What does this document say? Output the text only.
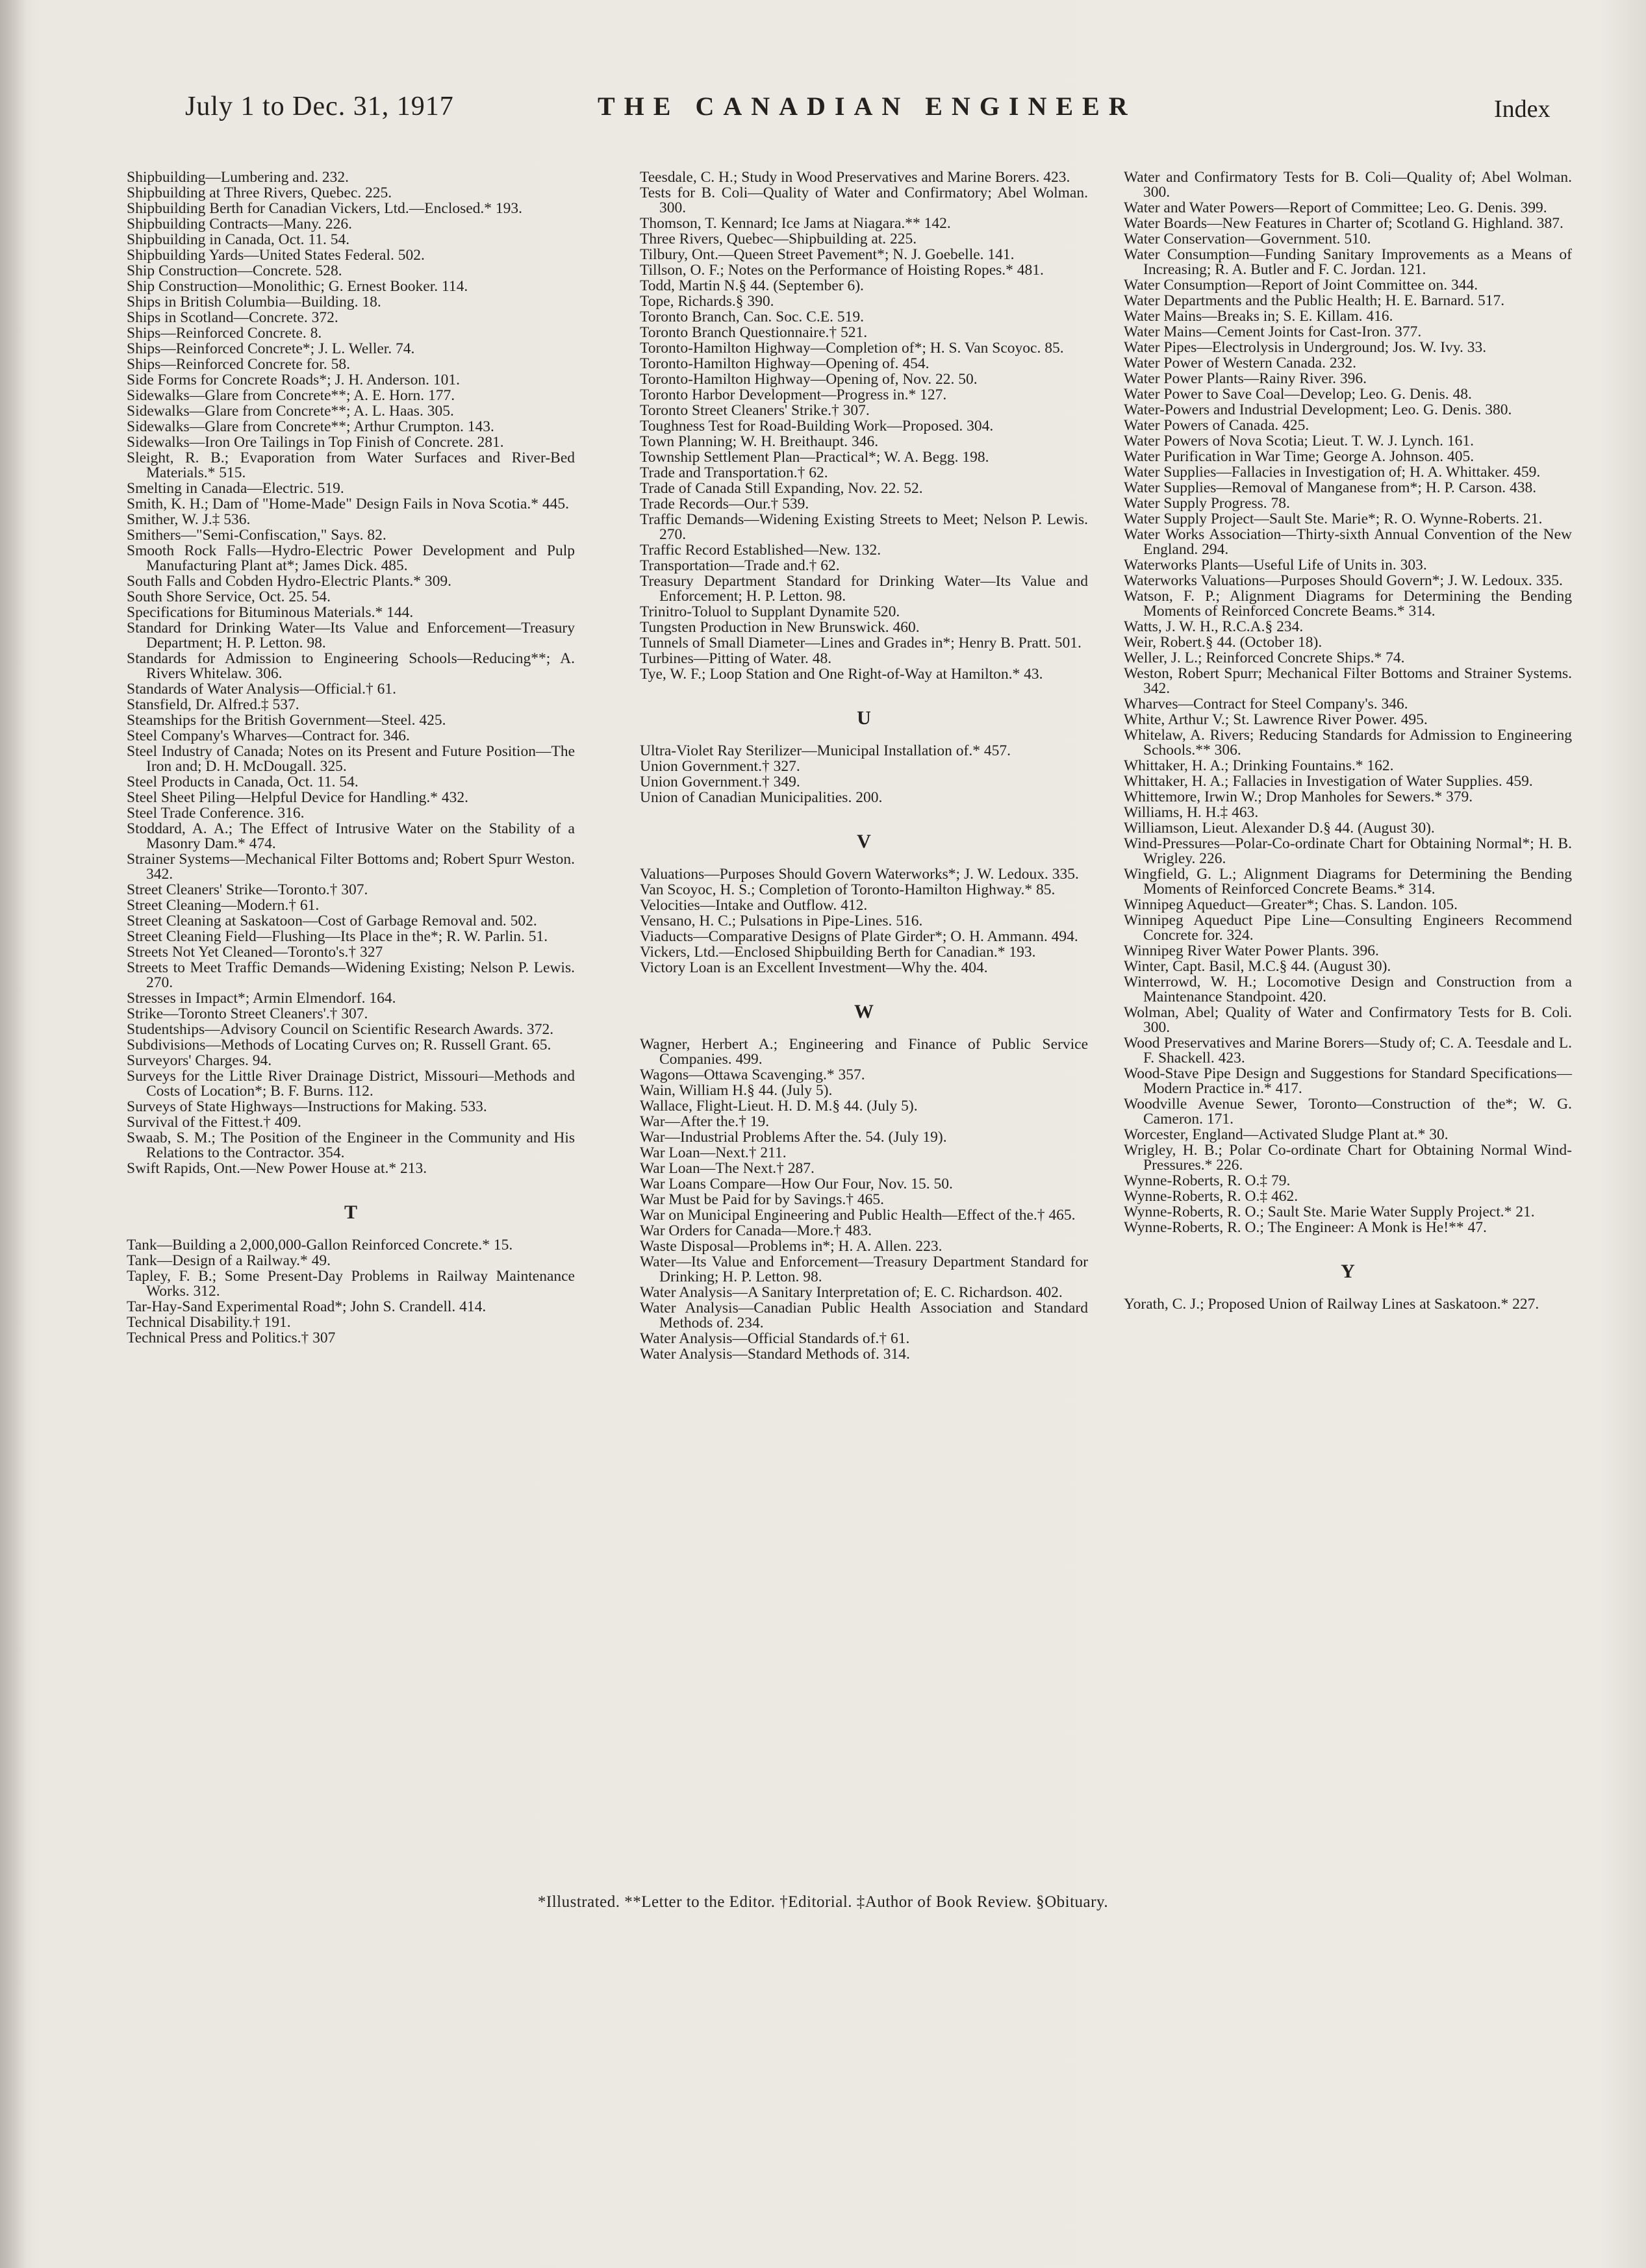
July 1 to Dec. 31, 1917	THE CANADIAN ENGINEER	Index
Shipbuilding—Lumbering and. 232.
Shipbuilding at Three Rivers, Quebec. 225.
Shipbuilding Berth for Canadian Vickers, Ltd.—Enclosed.* 193.
Shipbuilding Contracts—Many. 226.
Shipbuilding in Canada, Oct. 11. 54.
Shipbuilding Yards—United States Federal. 502.
Ship Construction—Concrete. 528.
Ship Construction—Monolithic; G. Ernest Booker. 114.
Ships in British Columbia—Building. 18.
Ships in Scotland—Concrete. 372.
Ships—Reinforced Concrete. 8.
Ships—Reinforced Concrete*; J. L. Weller. 74.
Ships—Reinforced Concrete for. 58.
Side Forms for Concrete Roads*; J. H. Anderson. 101.
Sidewalks—Glare from Concrete**; A. E. Horn. 177.
Sidewalks—Glare from Concrete**; A. L. Haas. 305.
Sidewalks—Glare from Concrete**; Arthur Crumpton. 143.
Sidewalks—Iron Ore Tailings in Top Finish of Concrete. 281.
Sleight, R. B.; Evaporation from Water Surfaces and River-Bed Materials.* 515.
Smelting in Canada—Electric. 519.
Smith, K. H.; Dam of "Home-Made" Design Fails in Nova Scotia.* 445.
Smither, W. J.‡ 536.
Smithers—"Semi-Confiscation," Says. 82.
Smooth Rock Falls—Hydro-Electric Power Development and Pulp Manufacturing Plant at*; James Dick. 485.
South Falls and Cobden Hydro-Electric Plants.* 309.
South Shore Service, Oct. 25. 54.
Specifications for Bituminous Materials.* 144.
Standard for Drinking Water—Its Value and Enforcement—Treasury Department; H. P. Letton. 98.
Standards for Admission to Engineering Schools—Reducing**; A. Rivers Whitelaw. 306.
Standards of Water Analysis—Official.† 61.
Stansfield, Dr. Alfred.‡ 537.
Steamships for the British Government—Steel. 425.
Steel Company's Wharves—Contract for. 346.
Steel Industry of Canada; Notes on its Present and Future Position—The Iron and; D. H. McDougall. 325.
Steel Products in Canada, Oct. 11. 54.
Steel Sheet Piling—Helpful Device for Handling.* 432.
Steel Trade Conference. 316.
Stoddard, A. A.; The Effect of Intrusive Water on the Stability of a Masonry Dam.* 474.
Strainer Systems—Mechanical Filter Bottoms and; Robert Spurr Weston. 342.
Street Cleaners' Strike—Toronto.† 307.
Street Cleaning—Modern.† 61.
Street Cleaning at Saskatoon—Cost of Garbage Removal and. 502.
Street Cleaning Field—Flushing—Its Place in the*; R. W. Parlin. 51.
Streets Not Yet Cleaned—Toronto's.† 327
Streets to Meet Traffic Demands—Widening Existing; Nelson P. Lewis. 270.
Stresses in Impact*; Armin Elmendorf. 164.
Strike—Toronto Street Cleaners'.† 307.
Studentships—Advisory Council on Scientific Research Awards. 372.
Subdivisions—Methods of Locating Curves on; R. Russell Grant. 65.
Surveyors' Charges. 94.
Surveys for the Little River Drainage District, Missouri—Methods and Costs of Location*; B. F. Burns. 112.
Surveys of State Highways—Instructions for Making. 533.
Survival of the Fittest.† 409.
Swaab, S. M.; The Position of the Engineer in the Community and His Relations to the Contractor. 354.
Swift Rapids, Ont.—New Power House at.* 213.
T
Tank—Building a 2,000,000-Gallon Reinforced Concrete.* 15.
Tank—Design of a Railway.* 49.
Tapley, F. B.; Some Present-Day Problems in Railway Maintenance Works. 312.
Tar-Hay-Sand Experimental Road*; John S. Crandell. 414.
Technical Disability.† 191.
Technical Press and Politics.† 307
Teesdale, C. H.; Study in Wood Preservatives and Marine Borers. 423.
Tests for B. Coli—Quality of Water and Confirmatory; Abel Wolman. 300.
Thomson, T. Kennard; Ice Jams at Niagara.** 142.
Three Rivers, Quebec—Shipbuilding at. 225.
Tilbury, Ont.—Queen Street Pavement*; N. J. Goebelle. 141.
Tillson, O. F.; Notes on the Performance of Hoisting Ropes.* 481.
Todd, Martin N.§ 44. (September 6).
Tope, Richards.§ 390.
Toronto Branch, Can. Soc. C.E. 519.
Toronto Branch Questionnaire.† 521.
Toronto-Hamilton Highway—Completion of*; H. S. Van Scoyoc. 85.
Toronto-Hamilton Highway—Opening of. 454.
Toronto-Hamilton Highway—Opening of, Nov. 22. 50.
Toronto Harbor Development—Progress in.* 127.
Toronto Street Cleaners' Strike.† 307.
Toughness Test for Road-Building Work—Proposed. 304.
Town Planning; W. H. Breithaupt. 346.
Township Settlement Plan—Practical*; W. A. Begg. 198.
Trade and Transportation.† 62.
Trade of Canada Still Expanding, Nov. 22. 52.
Trade Records—Our.† 539.
Traffic Demands—Widening Existing Streets to Meet; Nelson P. Lewis. 270.
Traffic Record Established—New. 132.
Transportation—Trade and.† 62.
Treasury Department Standard for Drinking Water—Its Value and Enforcement; H. P. Letton. 98.
Trinitro-Toluol to Supplant Dynamite 520.
Tungsten Production in New Brunswick. 460.
Tunnels of Small Diameter—Lines and Grades in*; Henry B. Pratt. 501.
Turbines—Pitting of Water. 48.
Tye, W. F.; Loop Station and One Right-of-Way at Hamilton.* 43.
U
Ultra-Violet Ray Sterilizer—Municipal Installation of.* 457.
Union Government.† 327.
Union Government.† 349.
Union of Canadian Municipalities. 200.
V
Valuations—Purposes Should Govern Waterworks*; J. W. Ledoux. 335.
Van Scoyoc, H. S.; Completion of Toronto-Hamilton Highway.* 85.
Velocities—Intake and Outflow. 412.
Vensano, H. C.; Pulsations in Pipe-Lines. 516.
Viaducts—Comparative Designs of Plate Girder*; O. H. Ammann. 494.
Vickers, Ltd.—Enclosed Shipbuilding Berth for Canadian.* 193.
Victory Loan is an Excellent Investment—Why the. 404.
W
Wagner, Herbert A.; Engineering and Finance of Public Service Companies. 499.
Wagons—Ottawa Scavenging.* 357.
Wain, William H.§ 44. (July 5).
Wallace, Flight-Lieut. H. D. M.§ 44. (July 5).
War—After the.† 19.
War—Industrial Problems After the. 54. (July 19).
War Loan—Next.† 211.
War Loan—The Next.† 287.
War Loans Compare—How Our Four, Nov. 15. 50.
War Must be Paid for by Savings.† 465.
War on Municipal Engineering and Public Health—Effect of the.† 465.
War Orders for Canada—More.† 483.
Waste Disposal—Problems in*; H. A. Allen. 223.
Water—Its Value and Enforcement—Treasury Department Standard for Drinking; H. P. Letton. 98.
Water Analysis—A Sanitary Interpretation of; E. C. Richardson. 402.
Water Analysis—Canadian Public Health Association and Standard Methods of. 234.
Water Analysis—Official Standards of.† 61.
Water Analysis—Standard Methods of. 314.
Water and Confirmatory Tests for B. Coli—Quality of; Abel Wolman. 300.
Water and Water Powers—Report of Committee; Leo. G. Denis. 399.
Water Boards—New Features in Charter of; Scotland G. Highland. 387.
Water Conservation—Government. 510.
Water Consumption—Funding Sanitary Improvements as a Means of Increasing; R. A. Butler and F. C. Jordan. 121.
Water Consumption—Report of Joint Committee on. 344.
Water Departments and the Public Health; H. E. Barnard. 517.
Water Mains—Breaks in; S. E. Killam. 416.
Water Mains—Cement Joints for Cast-Iron. 377.
Water Pipes—Electrolysis in Underground; Jos. W. Ivy. 33.
Water Power of Western Canada. 232.
Water Power Plants—Rainy River. 396.
Water Power to Save Coal—Develop; Leo. G. Denis. 48.
Water-Powers and Industrial Development; Leo. G. Denis. 380.
Water Powers of Canada. 425.
Water Powers of Nova Scotia; Lieut. T. W. J. Lynch. 161.
Water Purification in War Time; George A. Johnson. 405.
Water Supplies—Fallacies in Investigation of; H. A. Whittaker. 459.
Water Supplies—Removal of Manganese from*; H. P. Carson. 438.
Water Supply Progress. 78.
Water Supply Project—Sault Ste. Marie*; R. O. Wynne-Roberts. 21.
Water Works Association—Thirty-sixth Annual Convention of the New England. 294.
Waterworks Plants—Useful Life of Units in. 303.
Waterworks Valuations—Purposes Should Govern*; J. W. Ledoux. 335.
Watson, F. P.; Alignment Diagrams for Determining the Bending Moments of Reinforced Concrete Beams.* 314.
Watts, J. W. H., R.C.A.§ 234.
Weir, Robert.§ 44. (October 18).
Weller, J. L.; Reinforced Concrete Ships.* 74.
Weston, Robert Spurr; Mechanical Filter Bottoms and Strainer Systems. 342.
Wharves—Contract for Steel Company's. 346.
White, Arthur V.; St. Lawrence River Power. 495.
Whitelaw, A. Rivers; Reducing Standards for Admission to Engineering Schools.** 306.
Whittaker, H. A.; Drinking Fountains.* 162.
Whittaker, H. A.; Fallacies in Investigation of Water Supplies. 459.
Whittemore, Irwin W.; Drop Manholes for Sewers.* 379.
Williams, H. H.‡ 463.
Williamson, Lieut. Alexander D.§ 44. (August 30).
Wind-Pressures—Polar-Co-ordinate Chart for Obtaining Normal*; H. B. Wrigley. 226.
Wingfield, G. L.; Alignment Diagrams for Determining the Bending Moments of Reinforced Concrete Beams.* 314.
Winnipeg Aqueduct—Greater*; Chas. S. Landon. 105.
Winnipeg Aqueduct Pipe Line—Consulting Engineers Recommend Concrete for. 324.
Winnipeg River Water Power Plants. 396.
Winter, Capt. Basil, M.C.§ 44. (August 30).
Winterrowd, W. H.; Locomotive Design and Construction from a Maintenance Standpoint. 420.
Wolman, Abel; Quality of Water and Confirmatory Tests for B. Coli. 300.
Wood Preservatives and Marine Borers—Study of; C. A. Teesdale and L. F. Shackell. 423.
Wood-Stave Pipe Design and Suggestions for Standard Specifications—Modern Practice in.* 417.
Woodville Avenue Sewer, Toronto—Construction of the*; W. G. Cameron. 171.
Worcester, England—Activated Sludge Plant at.* 30.
Wrigley, H. B.; Polar Co-ordinate Chart for Obtaining Normal Wind-Pressures.* 226.
Wynne-Roberts, R. O.‡ 79.
Wynne-Roberts, R. O.‡ 462.
Wynne-Roberts, R. O.; Sault Ste. Marie Water Supply Project.* 21.
Wynne-Roberts, R. O.; The Engineer: A Monk is He!** 47.
Y
Yorath, C. J.; Proposed Union of Railway Lines at Saskatoon.* 227.
*Illustrated. **Letter to the Editor. †Editorial. ‡Author of Book Review. §Obituary.
